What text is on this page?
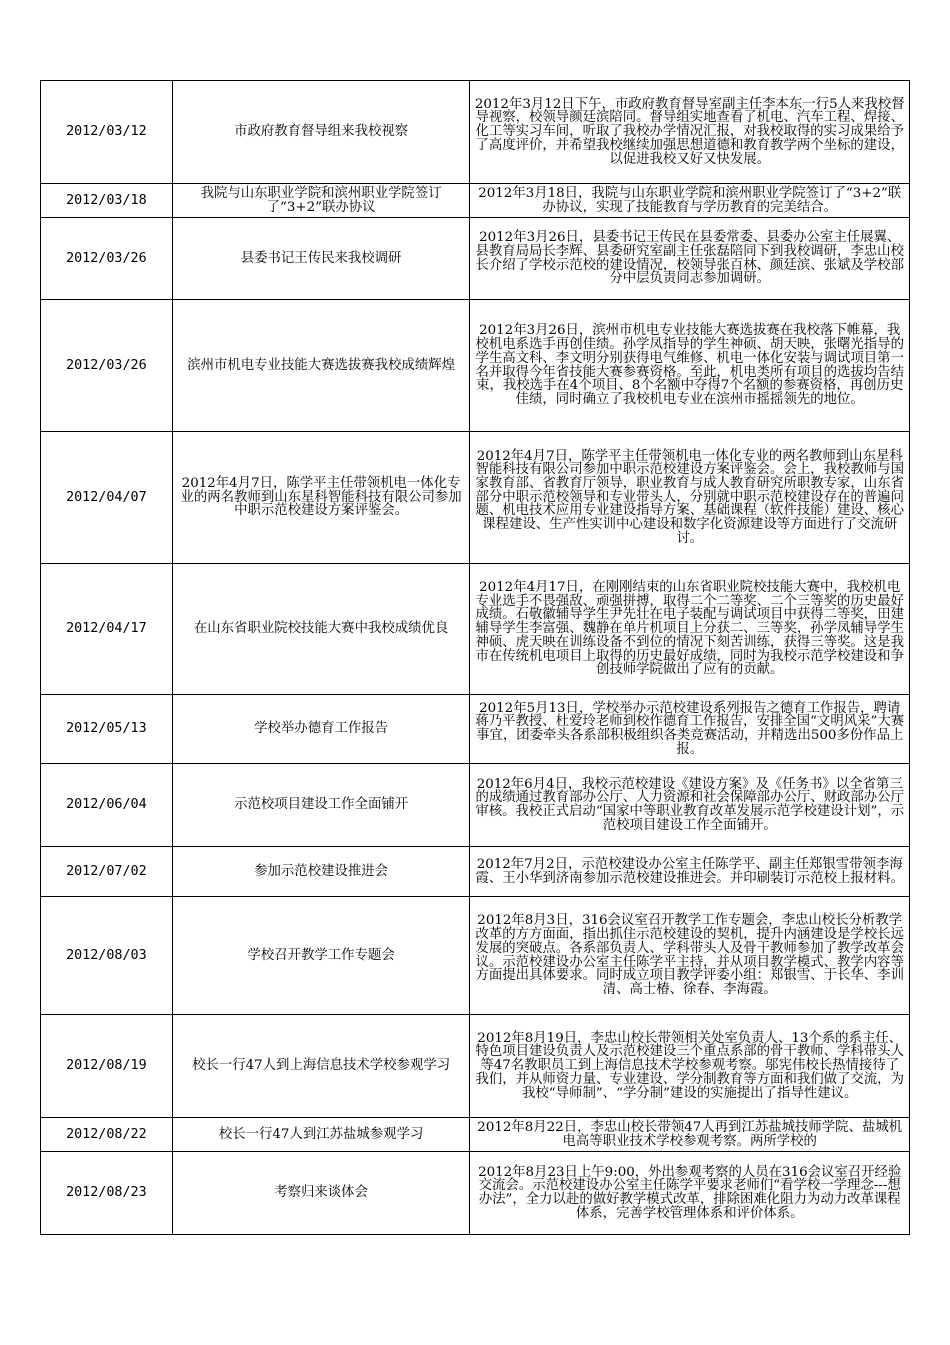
2012/03/12	市政府教育督导组来我校视察	2012年3月12日下午，市政府教育督导室副主任李本东一行5人来我校督导视察，校领导颜廷滨陪同。督导组实地查看了机电、汽车工程、焊接、化工等实习车间，听取了我校办学情况汇报，对我校取得的实习成果给予了高度评价，并希望我校继续加强思想道德和教育教学两个坐标的建设，以促进我校又好又快发展。
2012/03/18	我院与山东职业学院和滨州职业学院签订了“3+2”联办协议	2012年3月18日，我院与山东职业学院和滨州职业学院签订了“3+2”联办协议，实现了技能教育与学历教育的完美结合。
2012/03/26	县委书记王传民来我校调研	2012年3月26日，县委书记王传民在县委常委、县委办公室主任展翼、县教育局局长李辉、县委研究室副主任张磊陪同下到我校调研，李忠山校长介绍了学校示范校的建设情况，校领导张百林、颜廷滨、张斌及学校部分中层负责同志参加调研。
2012/03/26	滨州市机电专业技能大赛选拔赛我校成绩辉煌	2012年3月26日，滨州市机电专业技能大赛选拔赛在我校落下帷幕，我校机电系选手再创佳绩。孙学凤指导的学生神硕、胡天映，张曙光指导的学生高文科、李文明分别获得电气维修、机电一体化安装与调试项目第一名并取得今年省技能大赛参赛资格。至此，机电类所有项目的选拔均告结束，我校选手在4个项目、8个名额中夺得7个名额的参赛资格，再创历史佳绩，同时确立了我校机电专业在滨州市摇摇领先的地位。
2012/04/07	2012年4月7日，陈学平主任带领机电一体化专业的两名教师到山东星科智能科技有限公司参加中职示范校建设方案评鉴会。	2012年4月7日，陈学平主任带领机电一体化专业的两名教师到山东星科智能科技有限公司参加中职示范校建设方案评鉴会。会上，我校教师与国家教育部、省教育厅领导，职业教育与成人教育研究所职教专家，山东省部分中职示范校领导和专业带头人，分别就中职示范校建设存在的普遍问题、机电技术应用专业建设指导方案、基础课程（软件技能）建设、核心课程建设、生产性实训中心建设和数字化资源建设等方面进行了交流研讨。
2012/04/17	在山东省职业院校技能大赛中我校成绩优良	2012年4月17日，在刚刚结束的山东省职业院校技能大赛中，我校机电专业选手不畏强敌、顽强拼搏，取得二个二等奖、二个三等奖的历史最好成绩。石敬徽辅导学生尹先壮在电子装配与调试项目中获得二等奖，田建辅导学生李富强、魏静在单片机项目上分获二、三等奖，孙学凤辅导学生神硕、虎天映在训练设备不到位的情况下刻苦训练，获得三等奖。这是我市在传统机电项目上取得的历史最好成绩，同时为我校示范学校建设和争创技师学院做出了应有的贡献。
2012/05/13	学校举办德育工作报告	2012年5月13日，学校举办示范校建设系列报告之德育工作报告，聘请蒋乃平教授、杜爱玲老师到校作德育工作报告，安排全国“文明风采”大赛事宜，团委牵头各系部积极组织各类竞赛活动，并精选出500多份作品上报。
2012/06/04	示范校项目建设工作全面铺开	2012年6月4日，我校示范校建设《建设方案》及《任务书》以全省第三的成绩通过教育部办公厅、人力资源和社会保障部办公厅、财政部办公厅审核。我校正式启动“国家中等职业教育改革发展示范学校建设计划”，示范校项目建设工作全面铺开。
2012/07/02	参加示范校建设推进会	2012年7月2日，示范校建设办公室主任陈学平、副主任郑银雪带领李海霞、王小华到济南参加示范校建设推进会。并印刷装订示范校上报材料。
2012/08/03	学校召开教学工作专题会	2012年8月3日，316会议室召开教学工作专题会，李忠山校长分析教学改革的方方面面，指出抓住示范校建设的契机，提升内涵建设是学校长远发展的突破点。各系部负责人、学科带头人及骨干教师参加了教学改革会议。示范校建设办公室主任陈学平主持，并从项目教学模式、教学内容等方面提出具体要求。同时成立项目教学评委小组：郑银雪、于长华、李训清、高士椿、徐春、李海霞。
2012/08/19	校长一行47人到上海信息技术学校参观学习	2012年8月19日，李忠山校长带领相关处室负责人、13个系的系主任、特色项目建设负责人及示范校建设三个重点系部的骨干教师、学科带头人等47名教职员工到上海信息技术学校参观考察。邬宪伟校长热情接待了我们，并从师资力量、专业建设、学分制教育等方面和我们做了交流，为我校“导师制”、“学分制”建设的实施提出了指导性建议。
2012/08/22	校长一行47人到江苏盐城参观学习	2012年8月22日，李忠山校长带领47人再到江苏盐城技师学院、盐城机电高等职业技术学校参观考察。两所学校的
2012/08/23	考察归来谈体会	2012年8月23日上午9:00，外出参观考察的人员在316会议室召开经验交流会。示范校建设办公室主任陈学平要求老师们“看学校一学理念---想办法”，全力以赴的做好教学模式改革，排除困难化阻力为动力改革课程体系，完善学校管理体系和评价体系。
